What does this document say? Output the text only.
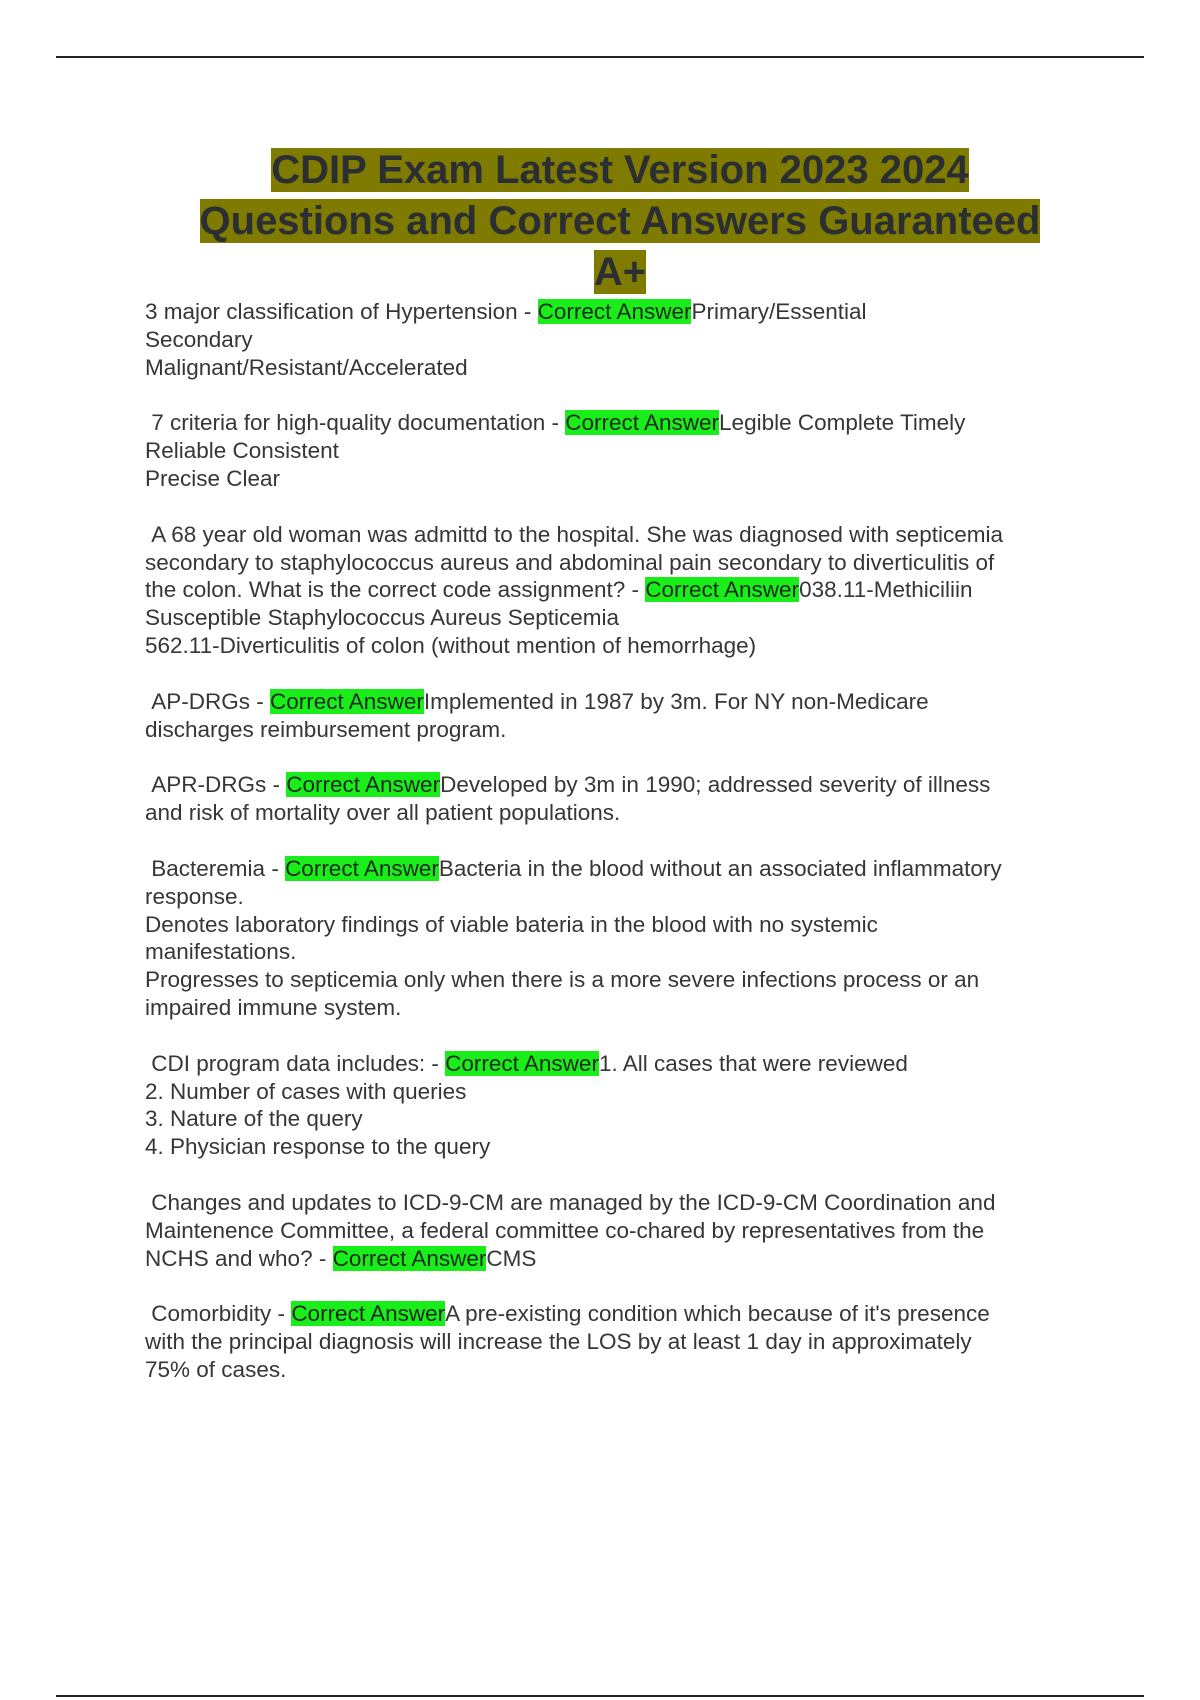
CDIP Exam Latest Version 2023 2024
Questions and Correct Answers Guaranteed
A+
3 major classification of Hypertension - Correct AnswerPrimary/Essential
Secondary
Malignant/Resistant/Accelerated
7 criteria for high-quality documentation - Correct AnswerLegible Complete Timely
Reliable Consistent
Precise Clear
A 68 year old woman was admittd to the hospital. She was diagnosed with septicemia
secondary to staphylococcus aureus and abdominal pain secondary to diverticulitis of
the colon. What is the correct code assignment? - Correct Answer038.11-Methiciliin
Susceptible Staphylococcus Aureus Septicemia
562.11-Diverticulitis of colon (without mention of hemorrhage)
AP-DRGs - Correct AnswerImplemented in 1987 by 3m. For NY non-Medicare
discharges reimbursement program.
APR-DRGs - Correct AnswerDeveloped by 3m in 1990; addressed severity of illness
and risk of mortality over all patient populations.
Bacteremia - Correct AnswerBacteria in the blood without an associated inflammatory
response.
Denotes laboratory findings of viable bateria in the blood with no systemic
manifestations.
Progresses to septicemia only when there is a more severe infections process or an
impaired immune system.
CDI program data includes: - Correct Answer1. All cases that were reviewed
2. Number of cases with queries
3. Nature of the query
4. Physician response to the query
Changes and updates to ICD-9-CM are managed by the ICD-9-CM Coordination and
Maintenence Committee, a federal committee co-chared by representatives from the
NCHS and who? - Correct AnswerCMS
Comorbidity - Correct AnswerA pre-existing condition which because of it's presence
with the principal diagnosis will increase the LOS by at least 1 day in approximately
75% of cases.
